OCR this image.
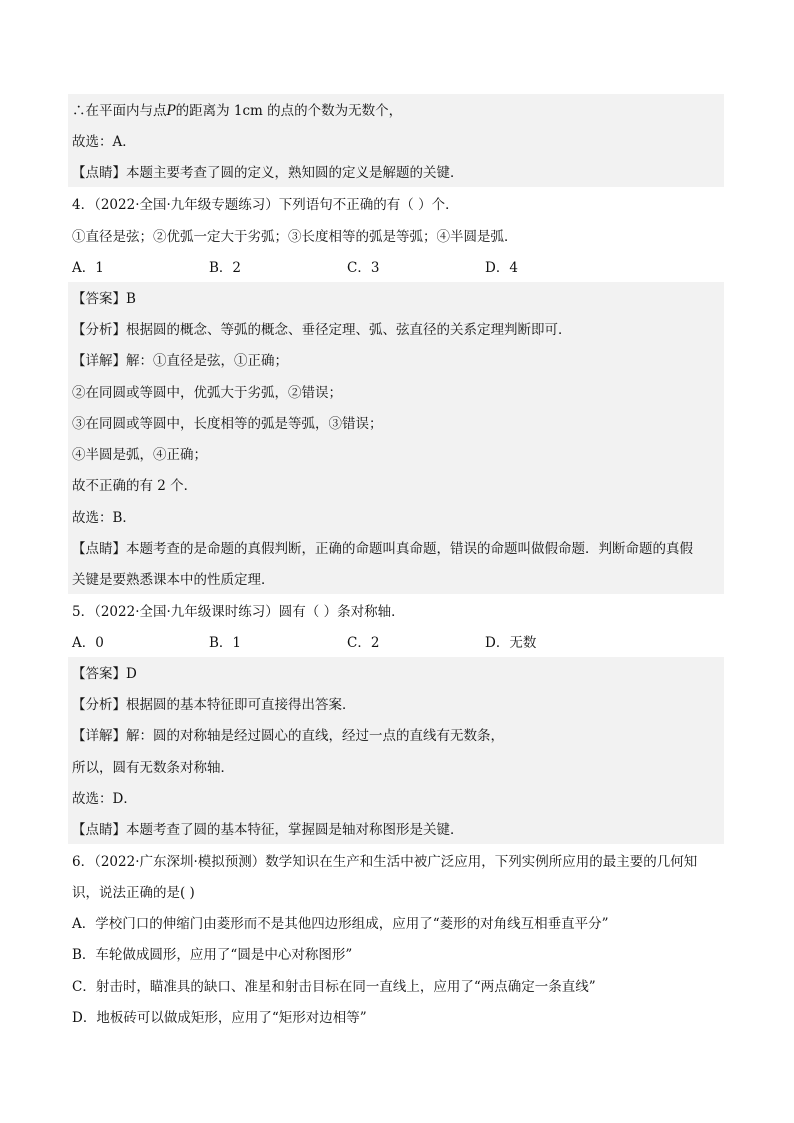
∴在平面内与点P的距离为 1cm 的点的个数为无数个，
故选：A．
【点睛】本题主要考查了圆的定义，熟知圆的定义是解题的关键．
4．（2022·全国·九年级专题练习）下列语句不正确的有（ ）个．
①直径是弦；②优弧一定大于劣弧；③长度相等的弧是等弧；④半圆是弧．
A．1	B．2	C．3	D．4
【答案】B
【分析】根据圆的概念、等弧的概念、垂径定理、弧、弦直径的关系定理判断即可．
【详解】解：①直径是弦，①正确；
②在同圆或等圆中，优弧大于劣弧，②错误；
③在同圆或等圆中，长度相等的弧是等弧，③错误；
④半圆是弧，④正确；
故不正确的有 2 个．
故选：B．
【点睛】本题考查的是命题的真假判断，正确的命题叫真命题，错误的命题叫做假命题．判断命题的真假
关键是要熟悉课本中的性质定理．
5．（2022·全国·九年级课时练习）圆有（ ）条对称轴．
A．0	B．1	C．2	D．无数
【答案】D
【分析】根据圆的基本特征即可直接得出答案．
【详解】解：圆的对称轴是经过圆心的直线，经过一点的直线有无数条，
所以，圆有无数条对称轴．
故选：D．
【点睛】本题考查了圆的基本特征，掌握圆是轴对称图形是关键．
6．（2022·广东深圳·模拟预测）数学知识在生产和生活中被广泛应用，下列实例所应用的最主要的几何知
识，说法正确的是( )
A．学校门口的伸缩门由菱形而不是其他四边形组成，应用了“菱形的对角线互相垂直平分”
B．车轮做成圆形，应用了“圆是中心对称图形”
C．射击时，瞄准具的缺口、准星和射击目标在同一直线上，应用了“两点确定一条直线”
D．地板砖可以做成矩形，应用了“矩形对边相等”
